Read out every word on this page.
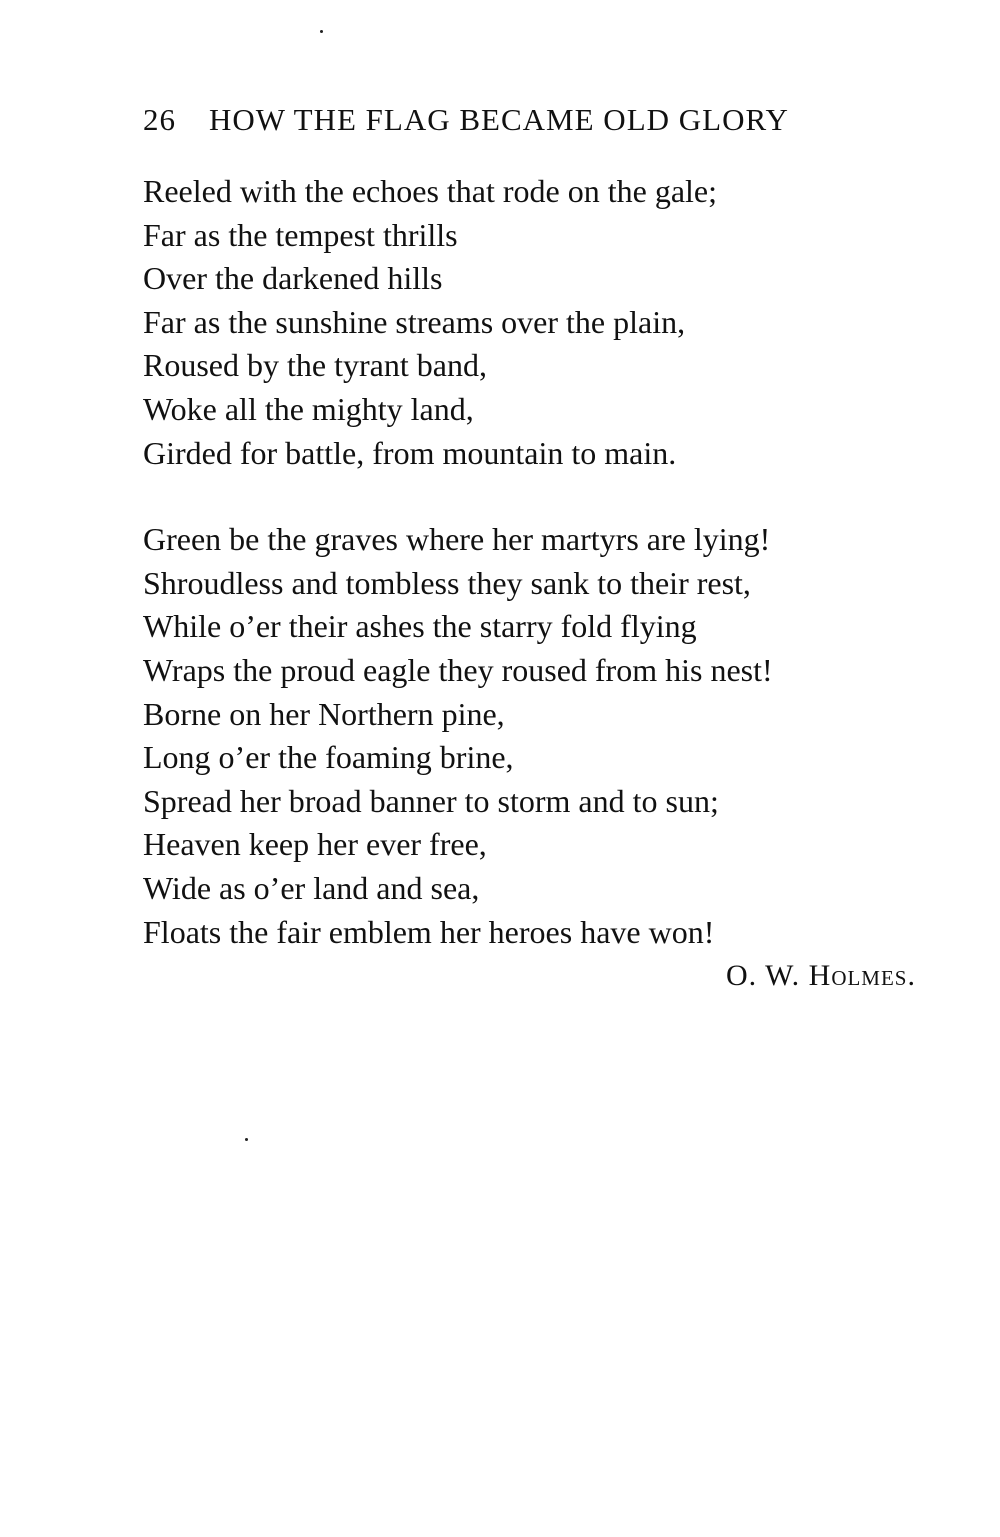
26 HOW THE FLAG BECAME OLD GLORY
Reeled with the echoes that rode on the gale;
Far as the tempest thrills
Over the darkened hills
Far as the sunshine streams over the plain,
Roused by the tyrant band,
Woke all the mighty land,
Girded for battle, from mountain to main.
Green be the graves where her martyrs are lying!
Shroudless and tombless they sank to their rest,
While o’er their ashes the starry fold flying
Wraps the proud eagle they roused from his nest!
Borne on her Northern pine,
Long o’er the foaming brine,
Spread her broad banner to storm and to sun;
Heaven keep her ever free,
Wide as o’er land and sea,
Floats the fair emblem her heroes have won!
O. W. Holmes.
